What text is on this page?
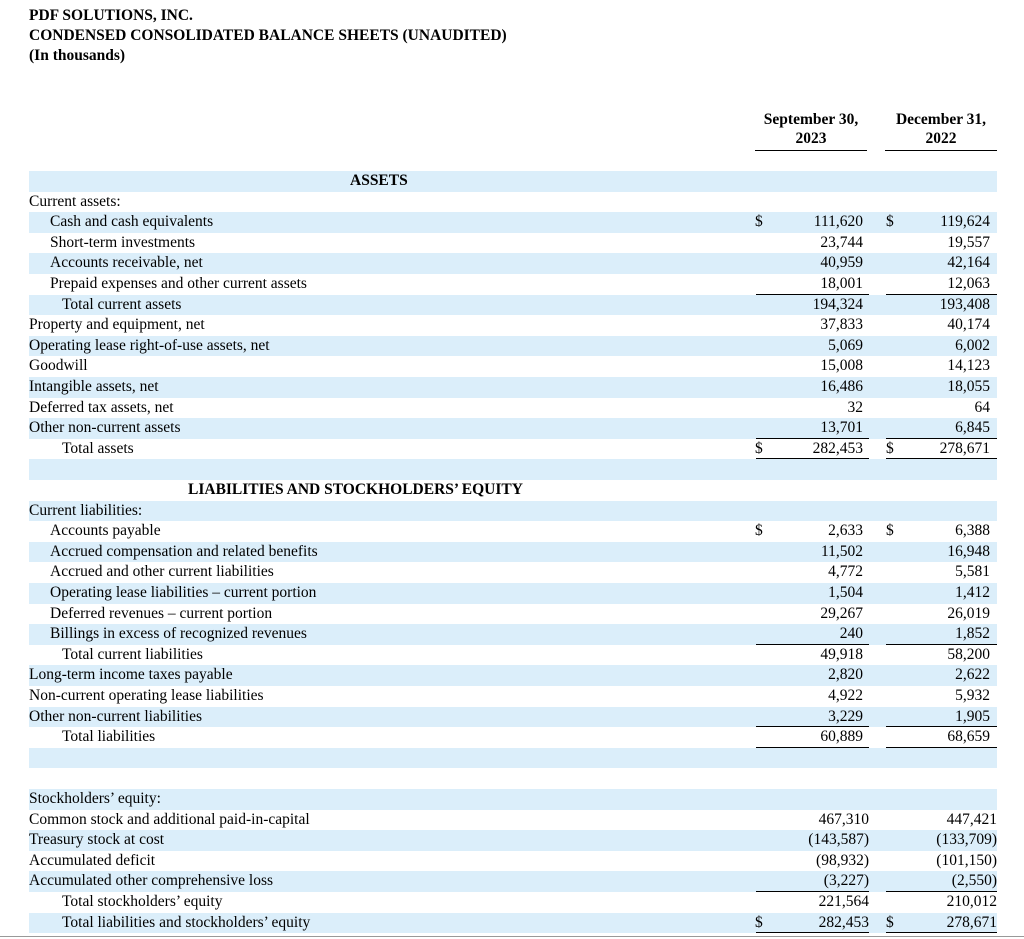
PDF SOLUTIONS, INC.
CONDENSED CONSOLIDATED BALANCE SHEETS (UNAUDITED)
(In thousands)
September 30,
2023
December 31,
2022
ASSETS
Current assets:
Cash and cash equivalents	$	111,620 $	119,624
Short-term investments	23,744	19,557
Accounts receivable, net	40,959	42,164
Prepaid expenses and other current assets	18,001	12,063
Total current assets	194,324	193,408
Property and equipment, net	37,833	40,174
Operating lease right-of-use assets, net	5,069	6,002
Goodwill	15,008	14,123
Intangible assets, net	16,486	18,055
Deferred tax assets, net	32	64
Other non-current assets	13,701	6,845
Total assets	$	282,453 $	278,671
LIABILITIES AND STOCKHOLDERS’ EQUITY
Current liabilities:
Accounts payable	$	2,633 $	6,388
Accrued compensation and related benefits	11,502	16,948
Accrued and other current liabilities	4,772	5,581
Operating lease liabilities – current portion	1,504	1,412
Deferred revenues – current portion	29,267	26,019
Billings in excess of recognized revenues	240	1,852
Total current liabilities	49,918	58,200
Long-term income taxes payable	2,820	2,622
Non-current operating lease liabilities	4,922	5,932
Other non-current liabilities	3,229	1,905
Total liabilities	60,889	68,659
Stockholders’ equity:
Common stock and additional paid-in-capital	467,310	447,421
Treasury stock at cost	(143,587)	(133,709)
Accumulated deficit	(98,932)	(101,150)
Accumulated other comprehensive loss	(3,227)	(2,550)
Total stockholders’ equity	221,564	210,012
Total liabilities and stockholders’ equity	$	282,453 $	278,671
